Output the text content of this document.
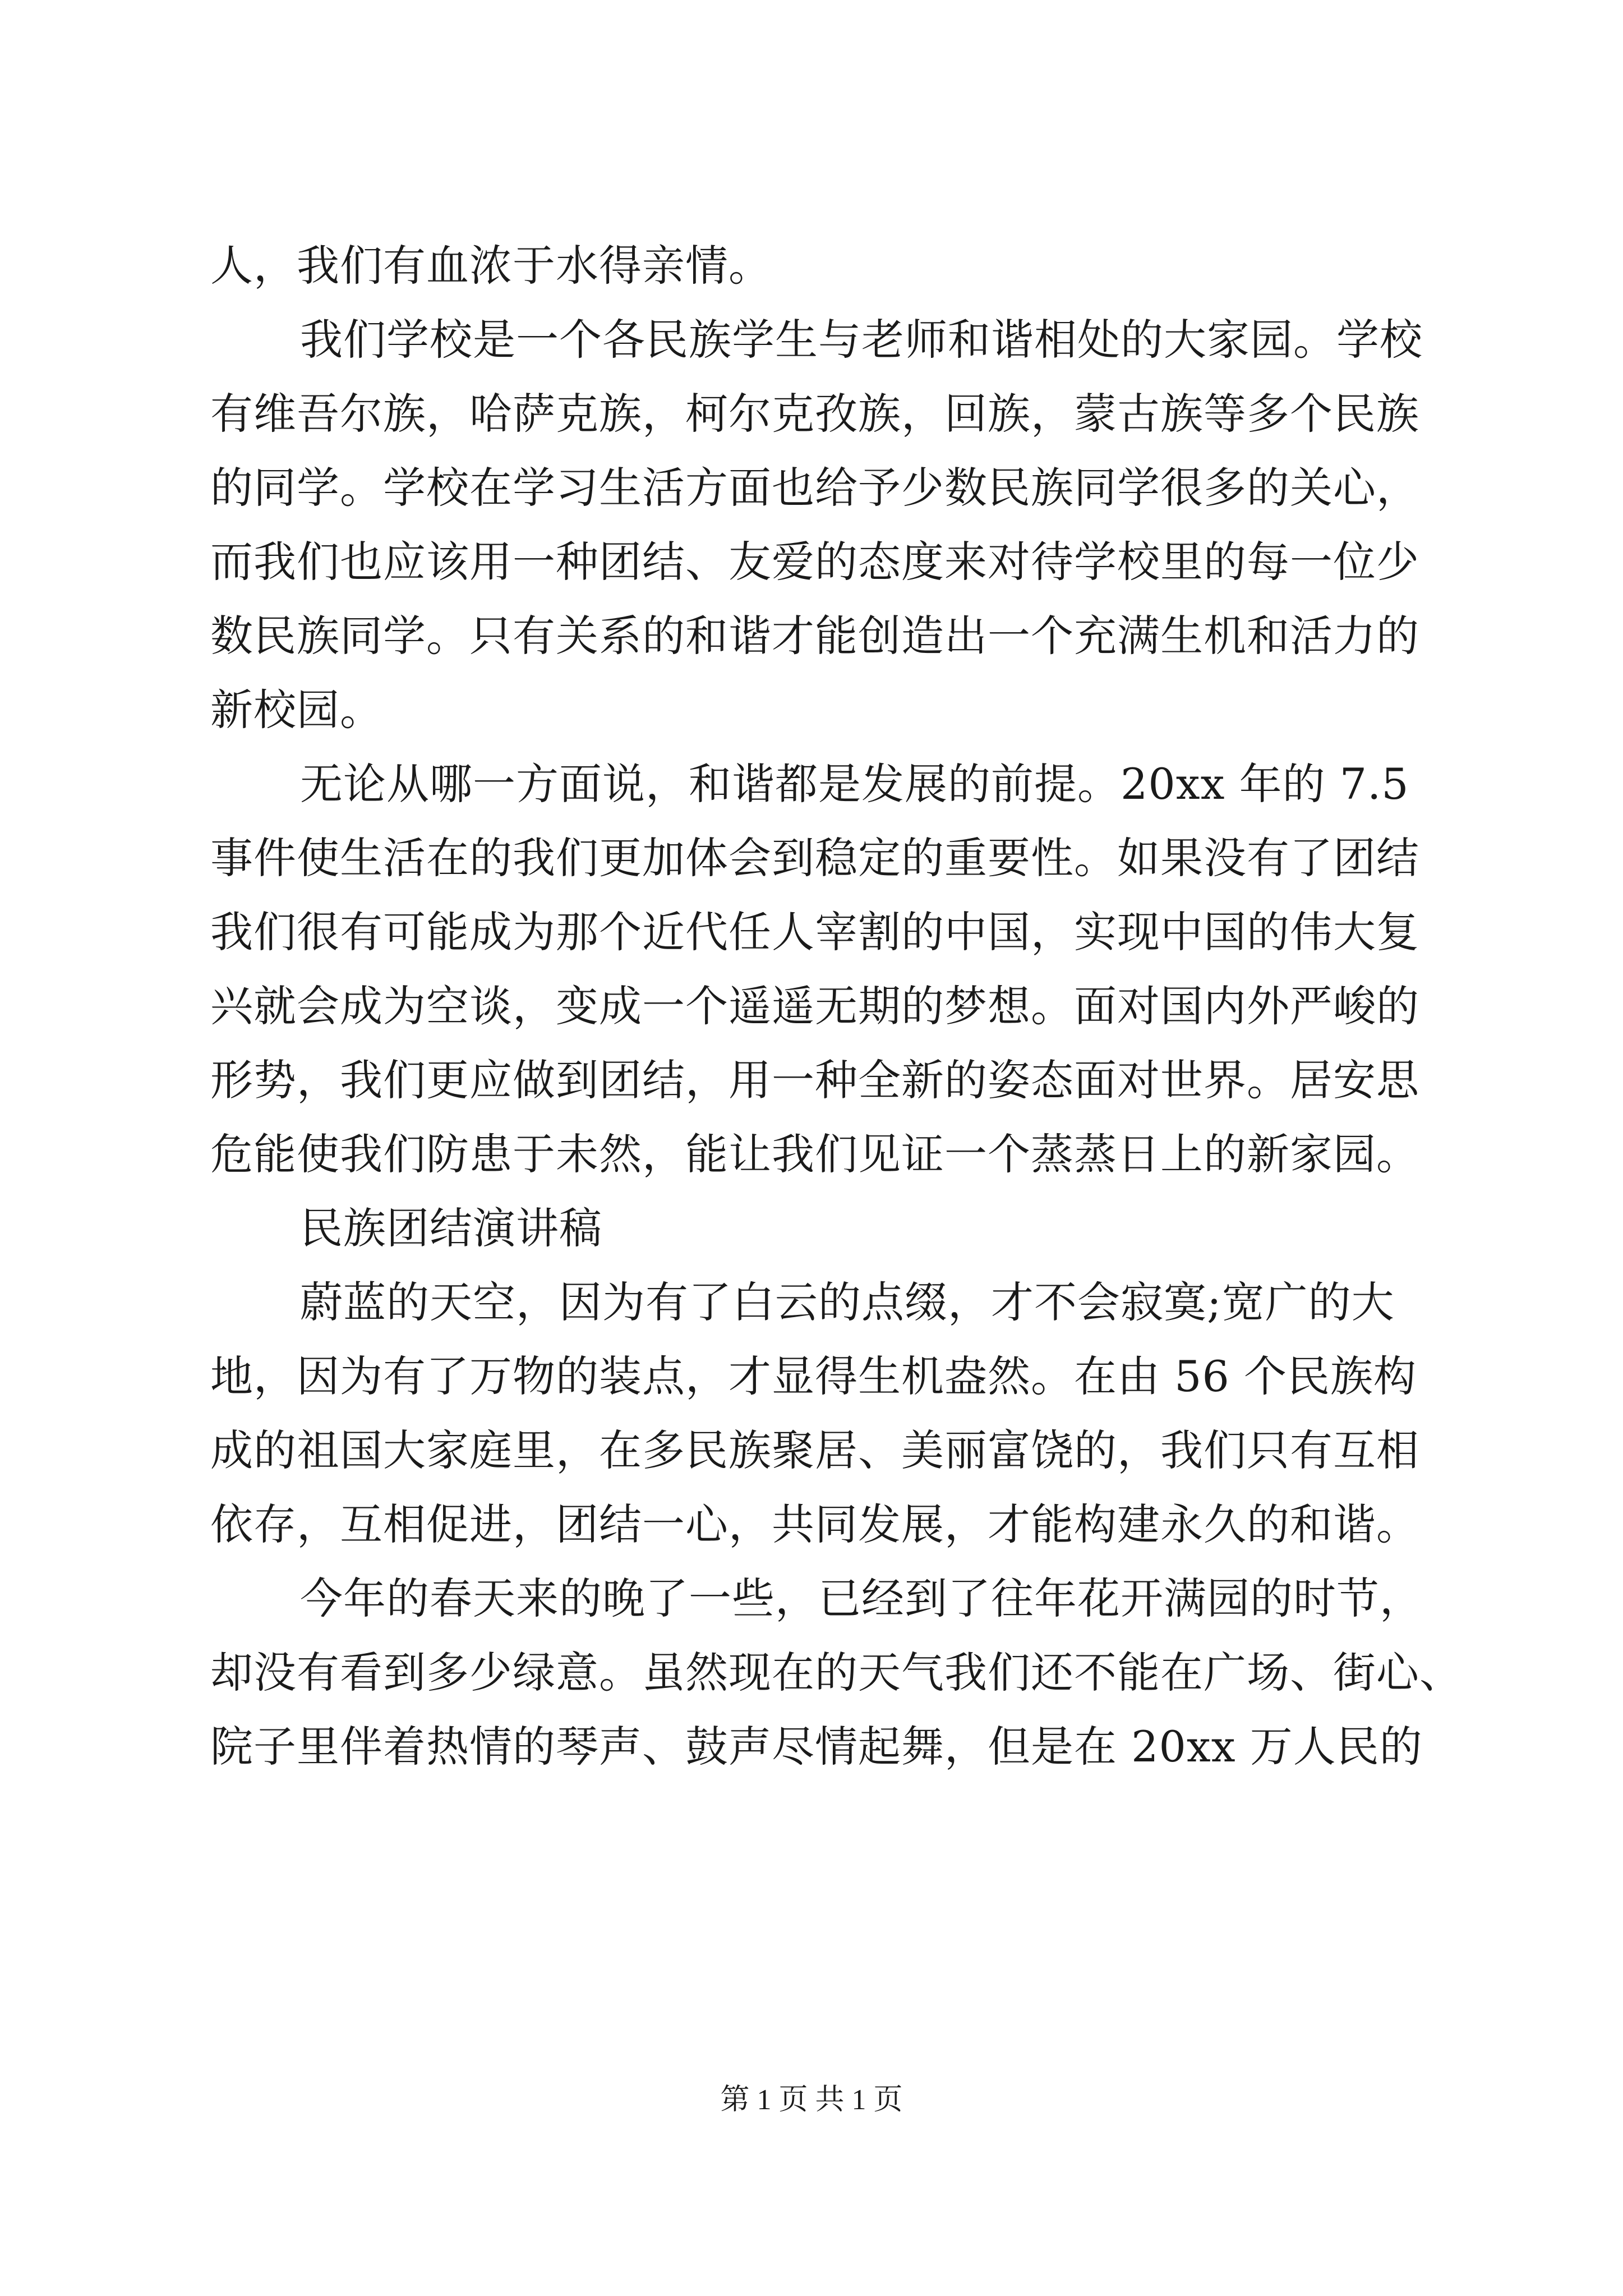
人，我们有血浓于水得亲情。
我们学校是一个各民族学生与老师和谐相处的大家园。学校
有维吾尔族，哈萨克族，柯尔克孜族，回族，蒙古族等多个民族
的同学。学校在学习生活方面也给予少数民族同学很多的关心，
而我们也应该用一种团结、友爱的态度来对待学校里的每一位少
数民族同学。只有关系的和谐才能创造出一个充满生机和活力的
新校园。
无论从哪一方面说，和谐都是发展的前提。20xx 年的 7.5
事件使生活在的我们更加体会到稳定的重要性。如果没有了团结
我们很有可能成为那个近代任人宰割的中国，实现中国的伟大复
兴就会成为空谈，变成一个遥遥无期的梦想。面对国内外严峻的
形势，我们更应做到团结，用一种全新的姿态面对世界。居安思
危能使我们防患于未然，能让我们见证一个蒸蒸日上的新家园。
民族团结演讲稿
蔚蓝的天空，因为有了白云的点缀，才不会寂寞;宽广的大
地，因为有了万物的装点，才显得生机盎然。在由 56 个民族构
成的祖国大家庭里，在多民族聚居、美丽富饶的，我们只有互相
依存，互相促进，团结一心，共同发展，才能构建永久的和谐。
今年的春天来的晚了一些，已经到了往年花开满园的时节，
却没有看到多少绿意。虽然现在的天气我们还不能在广场、街心、
院子里伴着热情的琴声、鼓声尽情起舞，但是在 20xx 万人民的
第 1 页 共 1 页
